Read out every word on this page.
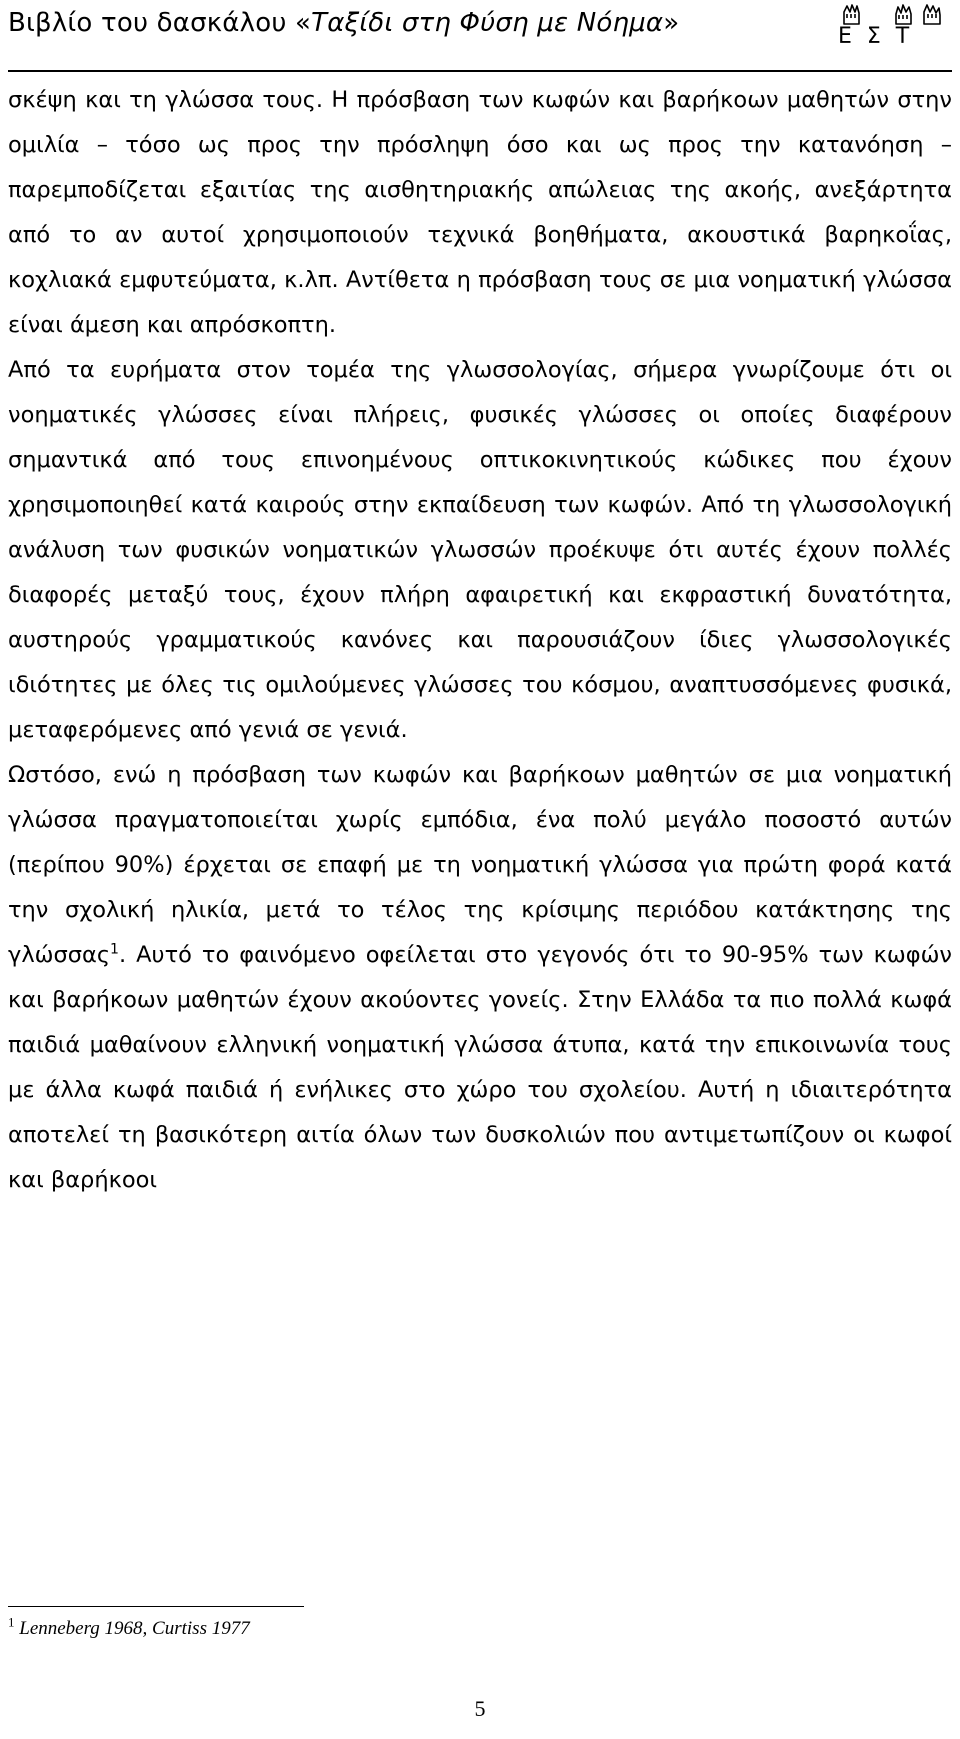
Βιβλίο του δασκάλου «Ταξίδι στη Φύση με Νόημα»	Ε Σ Τ

σκέψη και τη γλώσσα τους. Η πρόσβαση των κωφών και βαρήκοων μαθητών στην ομιλία – τόσο ως προς την πρόσληψη όσο και ως προς την κατανόηση – παρεμποδίζεται εξαιτίας της αισθητηριακής απώλειας της ακοής, ανεξάρτητα από το αν αυτοί χρησιμοποιούν τεχνικά βοηθήματα, ακουστικά βαρηκοΐας, κοχλιακά εμφυτεύματα, κ.λπ. Αντίθετα η πρόσβαση τους σε μια νοηματική γλώσσα είναι άμεση και απρόσκοπτη.

Από τα ευρήματα στον τομέα της γλωσσολογίας, σήμερα γνωρίζουμε ότι οι νοηματικές γλώσσες είναι πλήρεις, φυσικές γλώσσες οι οποίες διαφέρουν σημαντικά από τους επινοημένους οπτικοκινητικούς κώδικες που έχουν χρησιμοποιηθεί κατά καιρούς στην εκπαίδευση των κωφών. Από τη γλωσσολογική ανάλυση των φυσικών νοηματικών γλωσσών προέκυψε ότι αυτές έχουν πολλές διαφορές μεταξύ τους, έχουν πλήρη αφαιρετική και εκφραστική δυνατότητα, αυστηρούς γραμματικούς κανόνες και παρουσιάζουν ίδιες γλωσσολογικές ιδιότητες με όλες τις ομιλούμενες γλώσσες του κόσμου, αναπτυσσόμενες φυσικά, μεταφερόμενες από γενιά σε γενιά.

Ωστόσο, ενώ η πρόσβαση των κωφών και βαρήκοων μαθητών σε μια νοηματική γλώσσα πραγματοποιείται χωρίς εμπόδια, ένα πολύ μεγάλο ποσοστό αυτών (περίπου 90%) έρχεται σε επαφή με τη νοηματική γλώσσα για πρώτη φορά κατά την σχολική ηλικία, μετά το τέλος της κρίσιμης περιόδου κατάκτησης της γλώσσας$^1$. Αυτό το φαινόμενο οφείλεται στο γεγονός ότι το 90-95% των κωφών και βαρήκοων μαθητών έχουν ακούοντες γονείς. Στην Ελλάδα τα πιο πολλά κωφά παιδιά μαθαίνουν ελληνική νοηματική γλώσσα άτυπα, κατά την επικοινωνία τους με άλλα κωφά παιδιά ή ενήλικες στο χώρο του σχολείου. Αυτή η ιδιαιτερότητα αποτελεί τη βασικότερη αιτία όλων των δυσκολιών που αντιμετωπίζουν οι κωφοί και βαρήκοοι

$^1$ Lenneberg 1968, Curtiss 1977
5
